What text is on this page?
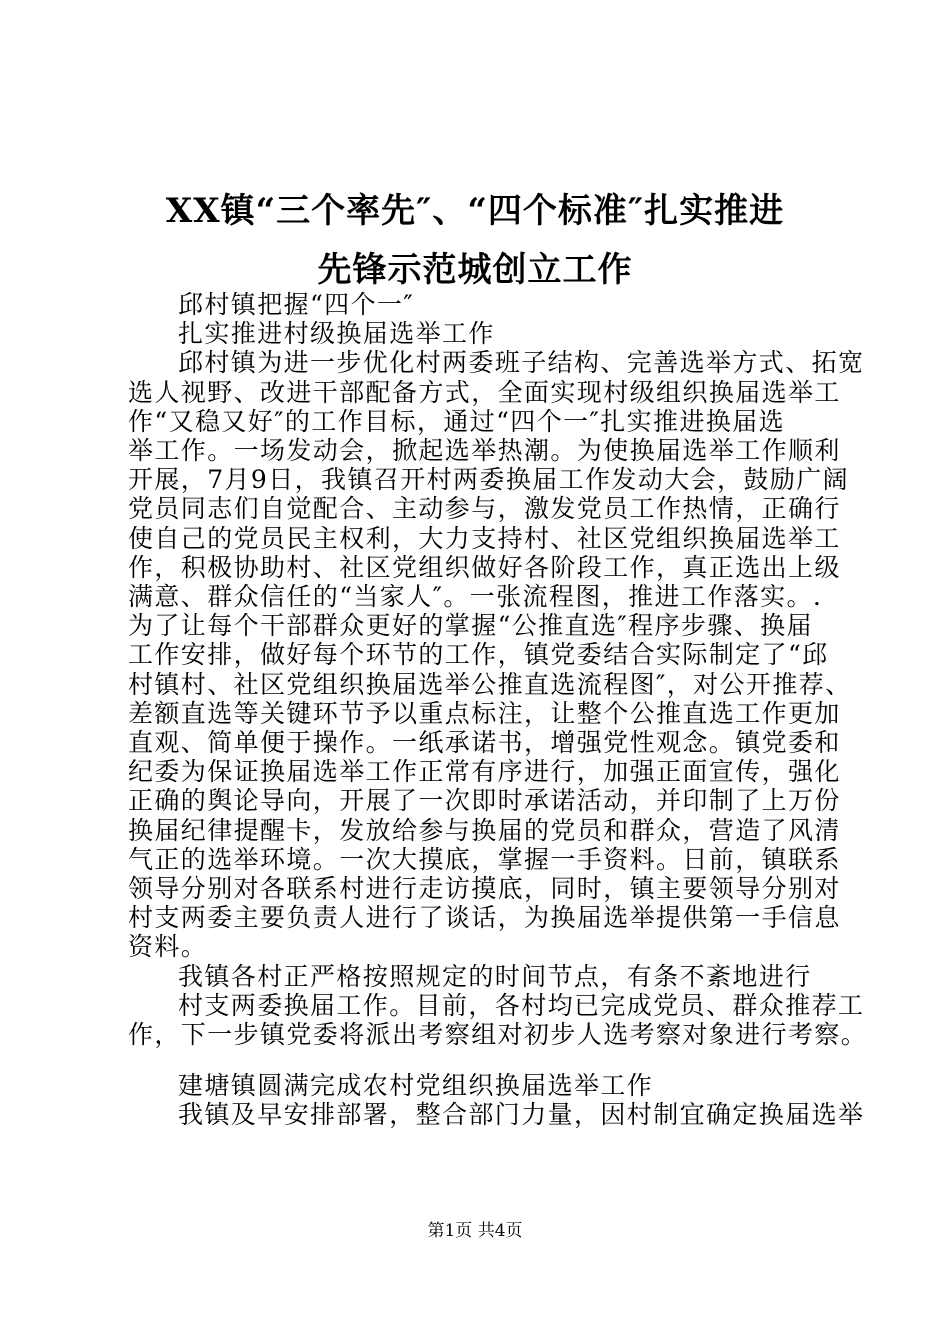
XX镇“三个率先″、“四个标准″扎实推进
先锋示范城创立工作
邱村镇把握“四个一″
扎实推进村级换届选举工作
邱村镇为进一步优化村两委班子结构、完善选举方式、拓宽
选人视野、改进干部配备方式，全面实现村级组织换届选举工
作“又稳又好″的工作目标，通过“四个一″扎实推进换届选
举工作。一场发动会，掀起选举热潮。为使换届选举工作顺利
开展，7月9日，我镇召开村两委换届工作发动大会，鼓励广阔
党员同志们自觉配合、主动参与，激发党员工作热情，正确行
使自己的党员民主权利，大力支持村、社区党组织换届选举工
作，积极协助村、社区党组织做好各阶段工作，真正选出上级
满意、群众信任的“当家人″。一张流程图，推进工作落实。.
为了让每个干部群众更好的掌握“公推直选″程序步骤、换届
工作安排，做好每个环节的工作，镇党委结合实际制定了“邱
村镇村、社区党组织换届选举公推直选流程图″，对公开推荐、
差额直选等关键环节予以重点标注，让整个公推直选工作更加
直观、简单便于操作。一纸承诺书，增强党性观念。镇党委和
纪委为保证换届选举工作正常有序进行，加强正面宣传，强化
正确的舆论导向，开展了一次即时承诺活动，并印制了上万份
换届纪律提醒卡，发放给参与换届的党员和群众，营造了风清
气正的选举环境。一次大摸底，掌握一手资料。日前，镇联系
领导分别对各联系村进行走访摸底，同时，镇主要领导分别对
村支两委主要负责人进行了谈话，为换届选举提供第一手信息
资料。
我镇各村正严格按照规定的时间节点，有条不紊地进行
村支两委换届工作。目前，各村均已完成党员、群众推荐工
作，下一步镇党委将派出考察组对初步人选考察对象进行考察。
建塘镇圆满完成农村党组织换届选举工作
我镇及早安排部署，整合部门力量，因村制宜确定换届选举
第1页 共4页
